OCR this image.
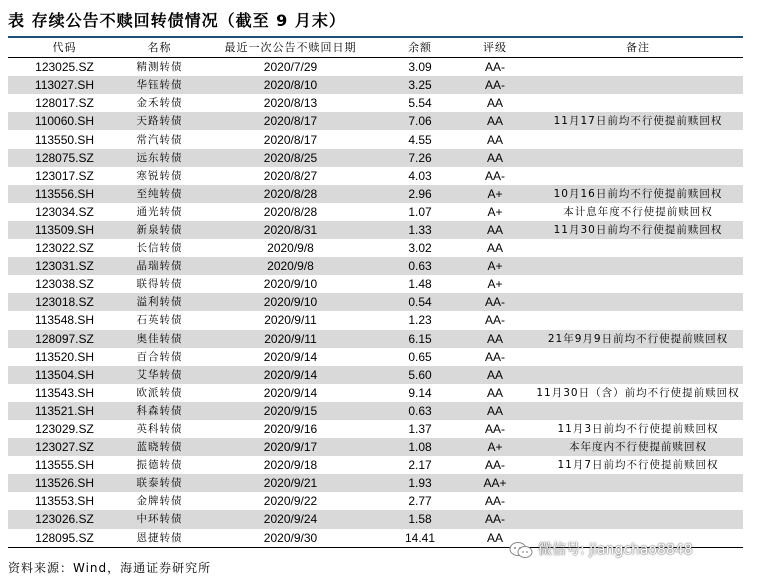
表 存续公告不赎回转债情况（截至 9 月末）
代码	名称	最近一次公告不赎回日期	余额	评级	备注
123025.SZ	精测转债	2020/7/29	3.09	AA-	
113027.SH	华钰转债	2020/8/10	3.25	AA-	
128017.SZ	金禾转债	2020/8/13	5.54	AA	
110060.SH	天路转债	2020/8/17	7.06	AA	11月17日前均不行使提前赎回权
113550.SH	常汽转债	2020/8/17	4.55	AA	
128075.SZ	远东转债	2020/8/25	7.26	AA	
123017.SZ	寒锐转债	2020/8/27	4.03	AA-	
113556.SH	至纯转债	2020/8/28	2.96	A+	10月16日前均不行使提前赎回权
123034.SZ	通光转债	2020/8/28	1.07	A+	本计息年度不行使提前赎回权
113509.SH	新泉转债	2020/8/31	1.33	AA	11月30日前均不行使提前赎回权
123022.SZ	长信转债	2020/9/8	3.02	AA	
123031.SZ	晶瑞转债	2020/9/8	0.63	A+	
123038.SZ	联得转债	2020/9/10	1.48	A+	
123018.SZ	溢利转债	2020/9/10	0.54	AA-	
113548.SH	石英转债	2020/9/11	1.23	AA-	
128097.SZ	奥佳转债	2020/9/11	6.15	AA	21年9月9日前均不行使提前赎回权
113520.SH	百合转债	2020/9/14	0.65	AA-	
113504.SH	艾华转债	2020/9/14	5.60	AA	
113543.SH	欧派转债	2020/9/14	9.14	AA	11月30日（含）前均不行使提前赎回权
113521.SH	科森转债	2020/9/15	0.63	AA	
123029.SZ	英科转债	2020/9/16	1.37	AA-	11月3日前均不行使提前赎回权
123027.SZ	蓝晓转债	2020/9/17	1.08	A+	本年度内不行使提前赎回权
113555.SH	振德转债	2020/9/18	2.17	AA-	11月7日前均不行使提前赎回权
113526.SH	联泰转债	2020/9/21	1.93	AA+	
113553.SH	金牌转债	2020/9/22	2.77	AA-	
123026.SZ	中环转债	2020/9/24	1.58	AA-	
128095.SZ	恩捷转债	2020/9/30	14.41	AA	
资料来源：Wind，海通证券研究所
微信号: jiangchao8848
